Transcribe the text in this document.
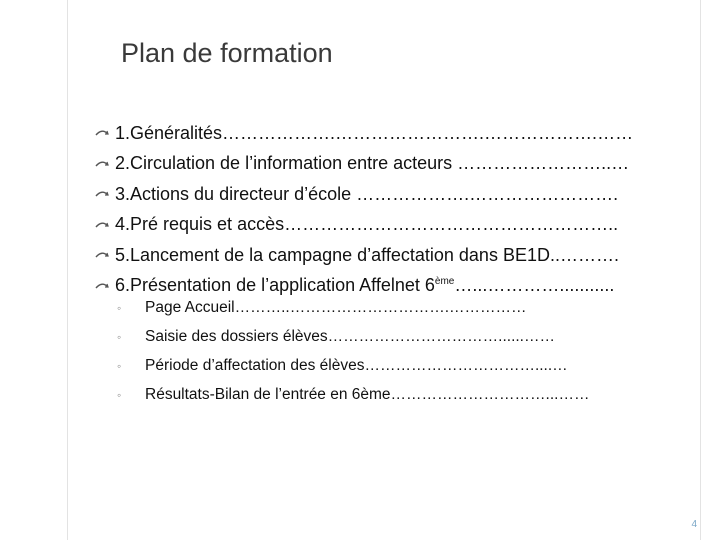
Plan de formation
1.Généralités……………….…………………….……………….……
2.Circulation de l’information entre acteurs ……………………..…
3.Actions du directeur d’école ……………….…………………….
4.Pré requis et accès………………………………………………..
5.Lancement de la campagne d’affectation dans BE1D..……….
6.Présentation de l’application Affelnet 6ème…...…………...........
◦	Page Accueil………..………………………….……………
◦	Saisie des dossiers élèves……………………………......……
◦	Période d’affectation des élèves……………………………....…
◦	Résultats-Bilan de l’entrée en 6ème…………………………...……
4
